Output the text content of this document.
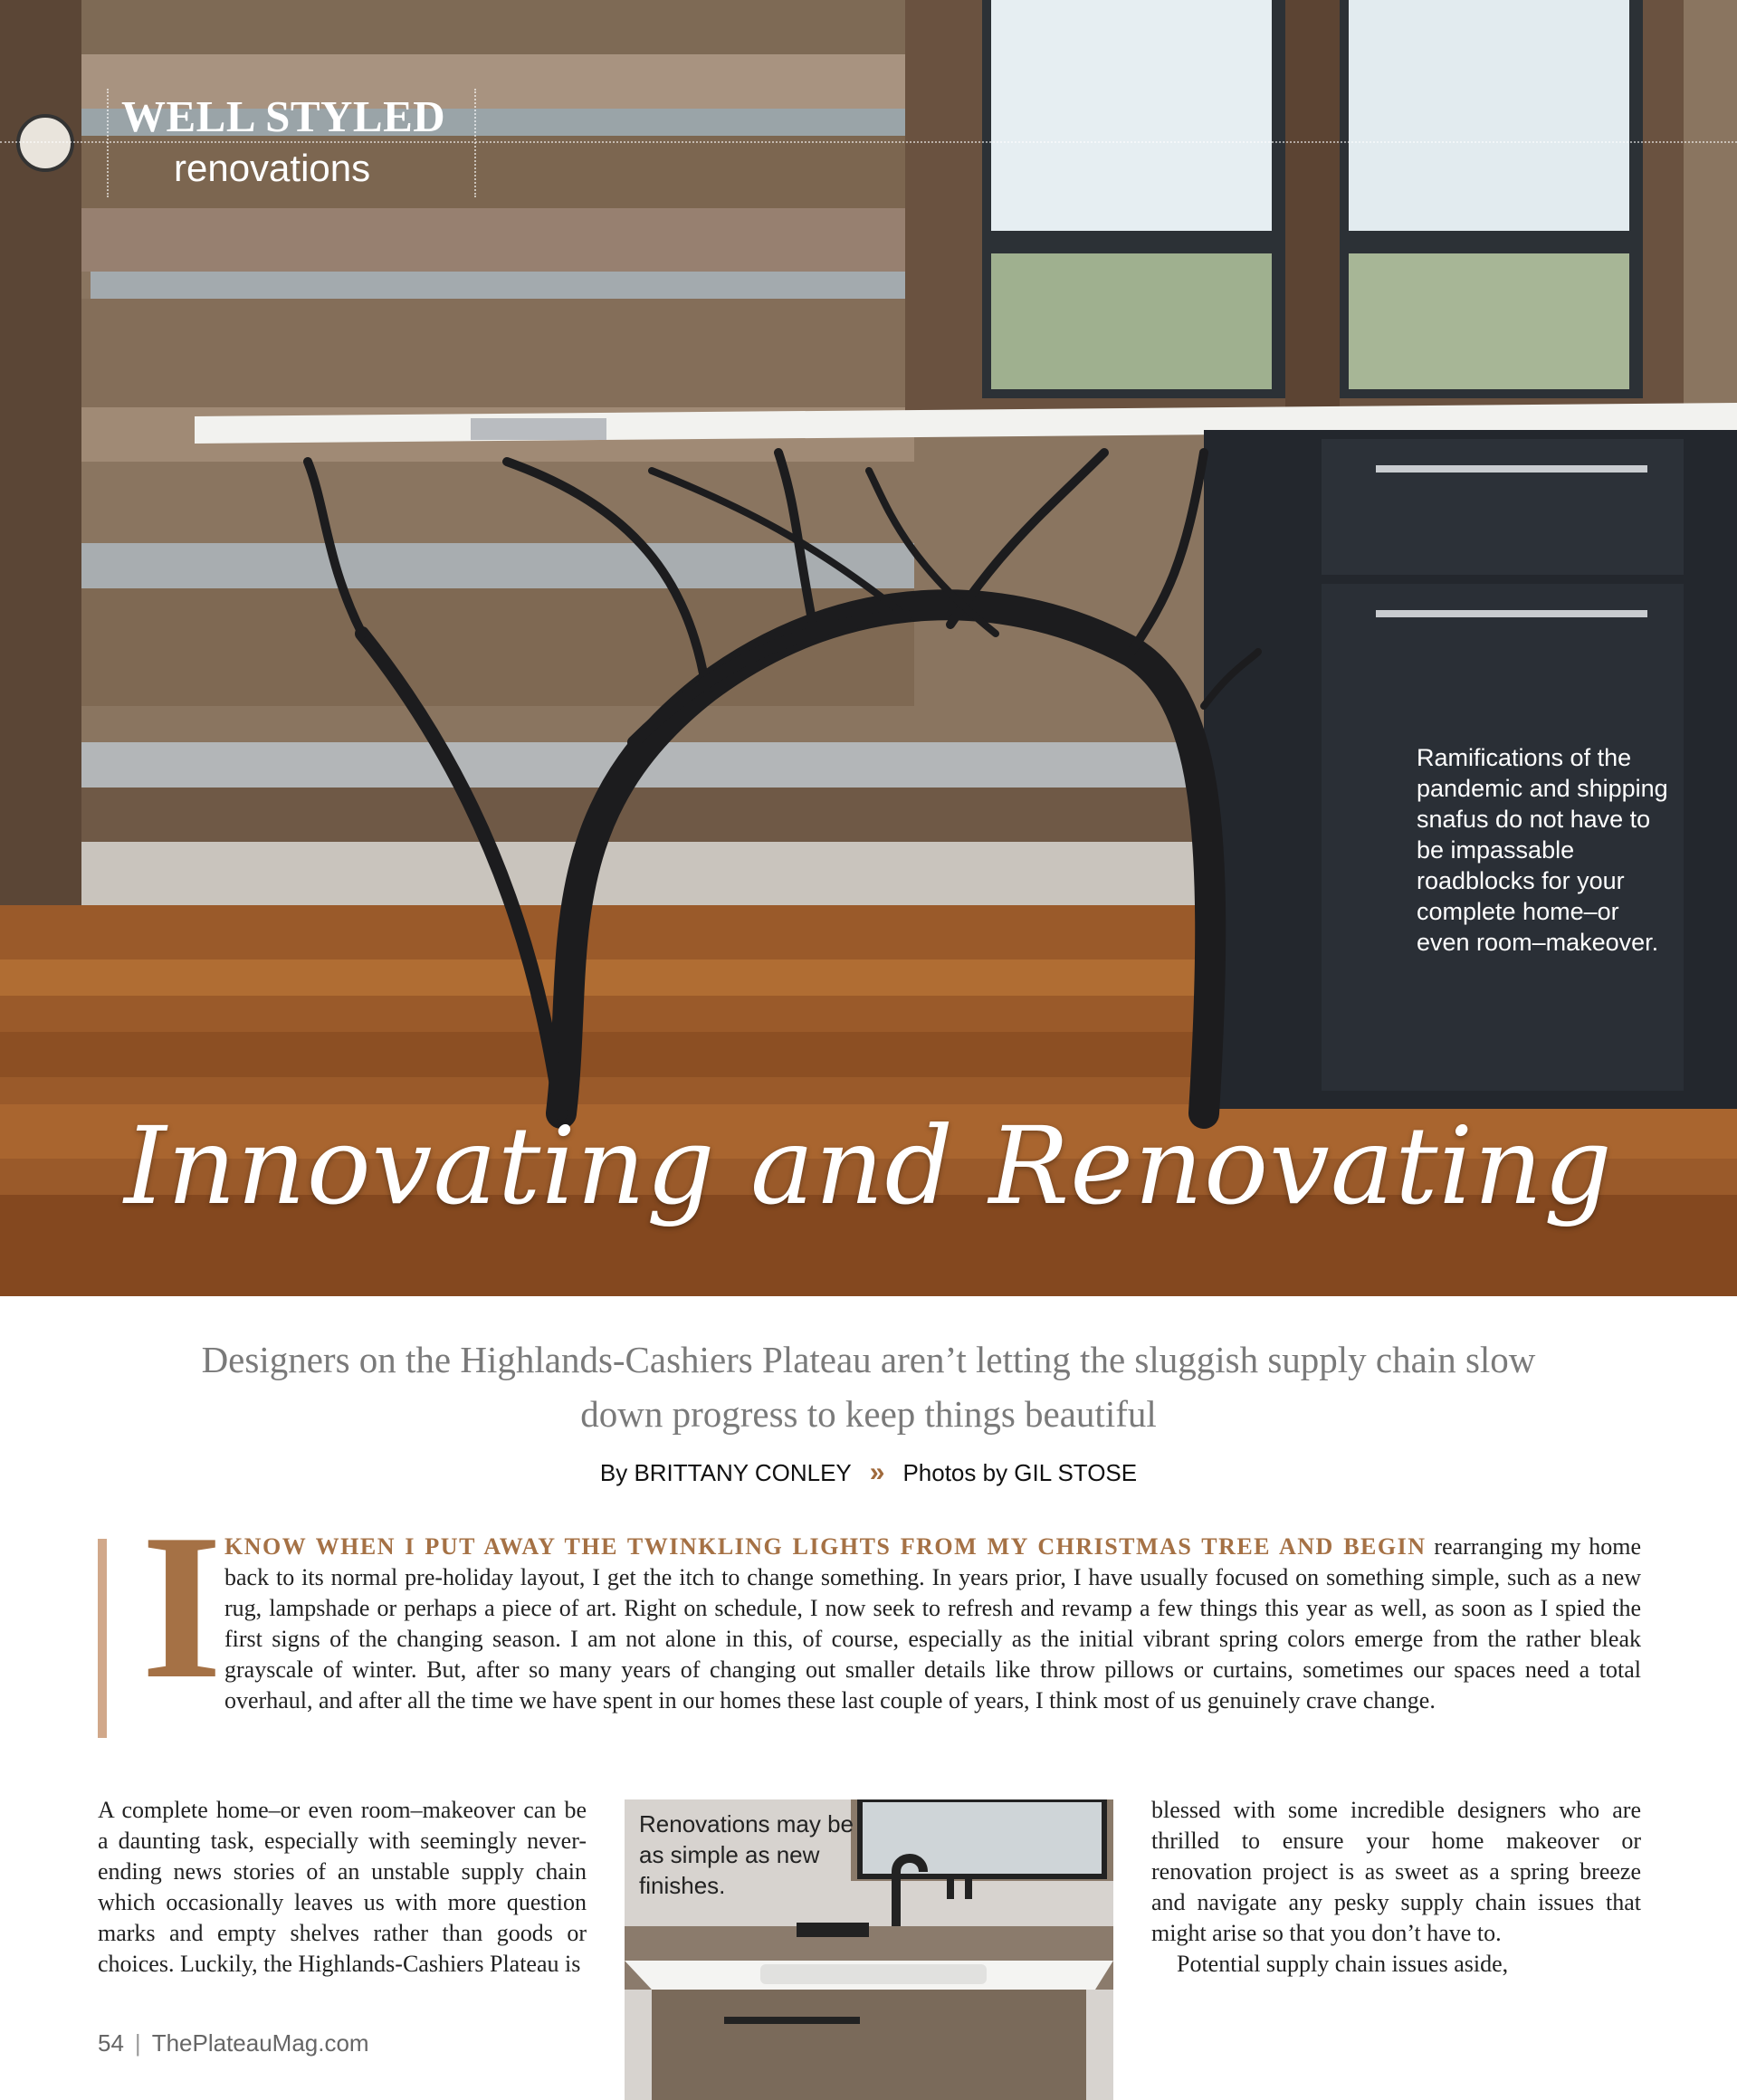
WELL STYLED
renovations
Ramifications of the pandemic and shipping snafus do not have to be impassable roadblocks for your complete home–or even room–makeover.
Innovating and Renovating
Designers on the Highlands-Cashiers Plateau aren’t letting the sluggish supply chain slow down progress to keep things beautiful
By BRITTANY CONLEY » Photos by GIL STOSE
I KNOW WHEN I PUT AWAY THE TWINKLING LIGHTS FROM MY CHRISTMAS TREE AND BEGIN rearranging my home back to its normal pre-holiday layout, I get the itch to change something. In years prior, I have usually focused on something simple, such as a new rug, lampshade or perhaps a piece of art. Right on schedule, I now seek to refresh and revamp a few things this year as well, as soon as I spied the first signs of the changing season. I am not alone in this, of course, especially as the initial vibrant spring colors emerge from the rather bleak grayscale of winter. But, after so many years of changing out smaller details like throw pillows or curtains, sometimes our spaces need a total overhaul, and after all the time we have spent in our homes these last couple of years, I think most of us genuinely crave change.

A complete home–or even room–makeover can be a daunting task, especially with seemingly never-ending news stories of an unstable supply chain which occasionally leaves us with more question marks and empty shelves rather than goods or choices. Luckily, the Highlands-Cashiers Plateau is

Renovations may be as simple as new finishes.

blessed with some incredible designers who are thrilled to ensure your home makeover or renovation project is as sweet as a spring breeze and navigate any pesky supply chain issues that might arise so that you don’t have to.

Potential supply chain issues aside,

54 | ThePlateauMag.com
